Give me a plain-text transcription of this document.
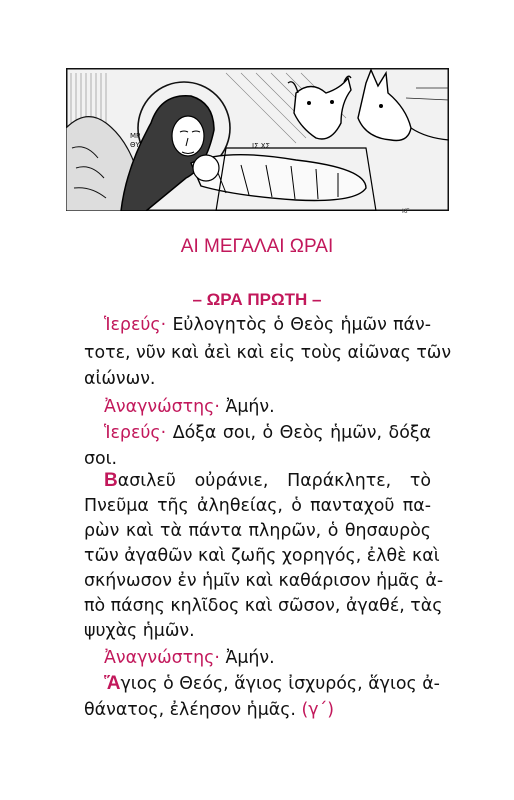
ΜΡ
ΘΥ	ΙΣ ΧΣ
ΚΓ
ΑΙ ΜΕΓΑΛΑΙ ΩΡΑΙ
– ΩΡΑ ΠΡΩΤΗ –
Ἱερεύς· Εὐλογητὸς ὁ Θεὸς ἡμῶν πάν-
τοτε, νῦν καὶ ἀεὶ καὶ εἰς τοὺς αἰῶνας τῶν
αἰώνων.
Ἀναγνώστης· Ἀμήν.
Ἱερεύς· Δόξα σοι, ὁ Θεὸς ἡμῶν, δόξα
σοι.
Βασιλεῦ οὐράνιε, Παράκλητε, τὸ
Πνεῦμα τῆς ἀληθείας, ὁ πανταχοῦ πα-
ρὼν καὶ τὰ πάντα πληρῶν, ὁ θησαυρὸς
τῶν ἀγαθῶν καὶ ζωῆς χορηγός, ἐλθὲ καὶ
σκήνωσον ἐν ἡμῖν καὶ καθάρισον ἡμᾶς ἀ-
πὸ πάσης κηλῖδος καὶ σῶσον, ἀγαθέ, τὰς
ψυχὰς ἡμῶν.
Ἀναγνώστης· Ἀμήν.
Ἅγιος ὁ Θεός, ἅγιος ἰσχυρός, ἅγιος ἀ-
θάνατος, ἐλέησον ἡμᾶς. (γ΄)
